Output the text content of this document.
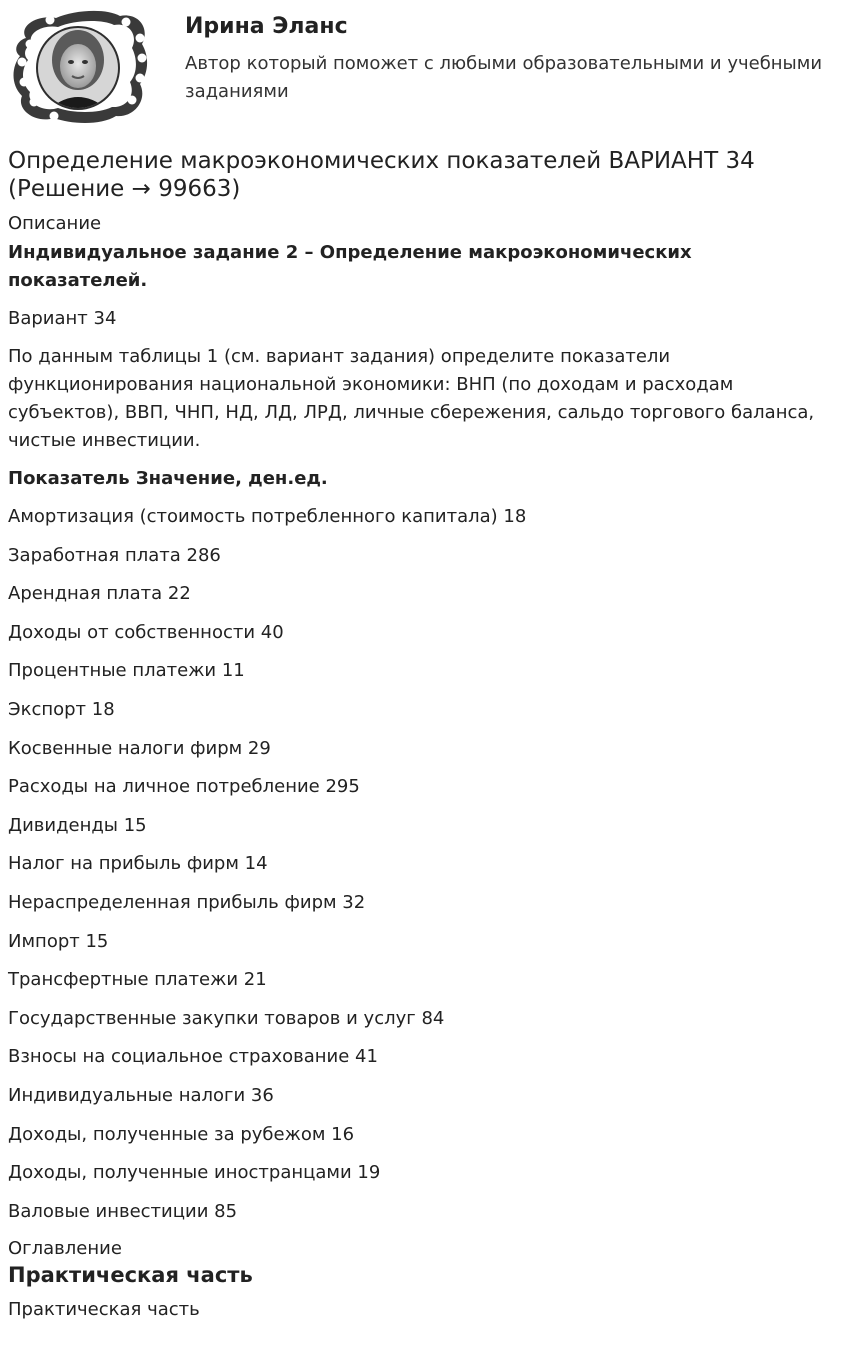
Ирина Эланс

Автор который поможет с любыми образовательными и учебными заданиями

Определение макроэкономических показателей ВАРИАНТ 34 (Решение → 99663)

Описание

Индивидуальное задание 2 – Определение макроэкономических показателей.

Вариант 34

По данным таблицы 1 (см. вариант задания) определите показатели функционирования национальной экономики: ВНП (по доходам и расходам субъектов), ВВП, ЧНП, НД, ЛД, ЛРД, личные сбережения, сальдо торгового баланса, чистые инвестиции.

Показатель Значение, ден.ед.

Амортизация (стоимость потребленного капитала) 18

Заработная плата 286

Арендная плата 22

Доходы от собственности 40

Процентные платежи 11

Экспорт 18

Косвенные налоги фирм 29

Расходы на личное потребление 295

Дивиденды 15

Налог на прибыль фирм 14

Нераспределенная прибыль фирм 32

Импорт 15

Трансфертные платежи 21

Государственные закупки товаров и услуг 84

Взносы на социальное страхование 41

Индивидуальные налоги 36

Доходы, полученные за рубежом 16

Доходы, полученные иностранцами 19

Валовые инвестиции 85

Оглавление

Практическая часть

Практическая часть
